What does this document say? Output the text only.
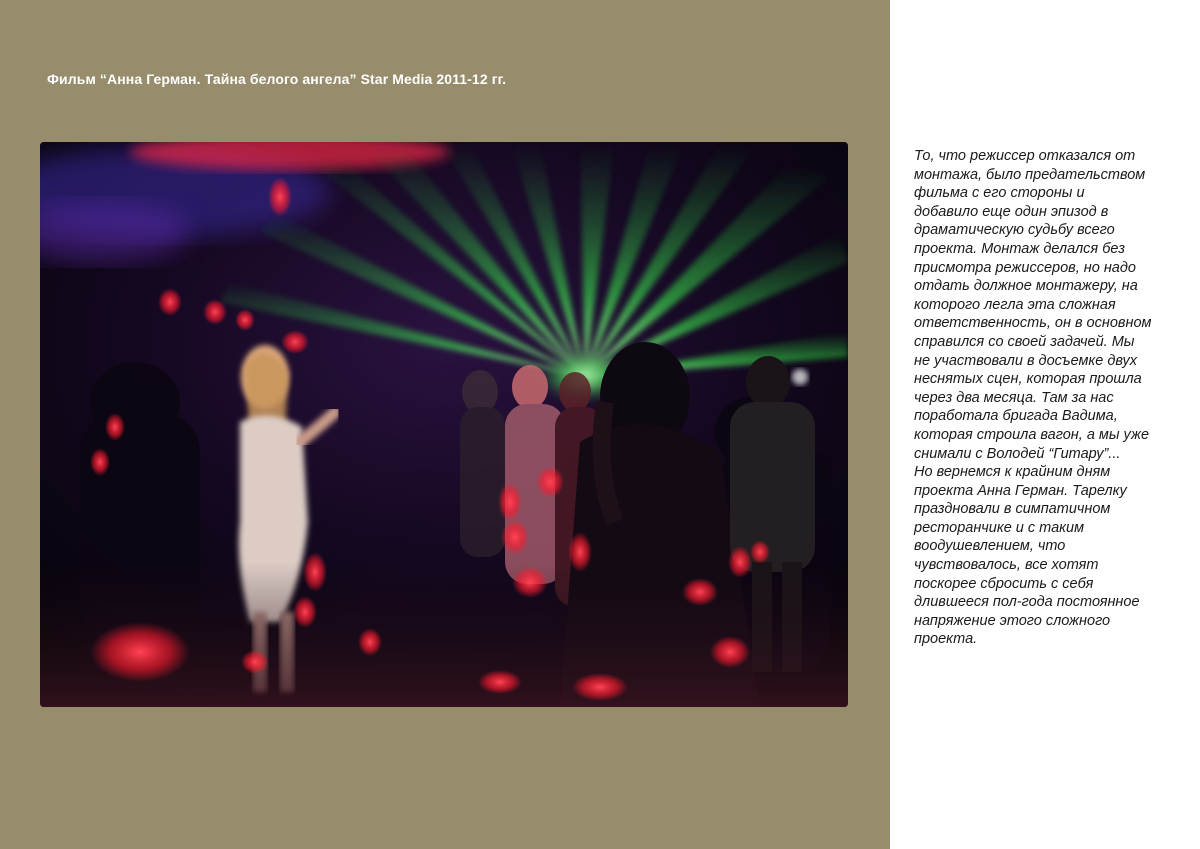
Фильм “Анна Герман. Тайна белого ангела” Star Media 2011-12 гг.

То, что режиссер отказался от
монтажа, было предательством
фильма с его стороны и
добавило еще один эпизод в
драматическую судьбу всего
проекта. Монтаж делался без
присмотра режиссеров, но надо
отдать должное монтажеру, на
которого легла эта сложная
ответственность, он в основном
справился со своей задачей. Мы
не участвовали в досъемке двух
неснятых сцен, которая прошла
через два месяца. Там за нас
поработала бригада Вадима,
которая строила вагон, а мы уже
снимали с Володей “Гитару”...
Но вернемся к крайним дням
проекта Анна Герман. Тарелку
праздновали в симпатичном
ресторанчике и с таким
воодушевлением, что
чувствовалось, все хотят
поскорее сбросить с себя
длившееся пол-года постоянное
напряжение этого сложного
проекта.
